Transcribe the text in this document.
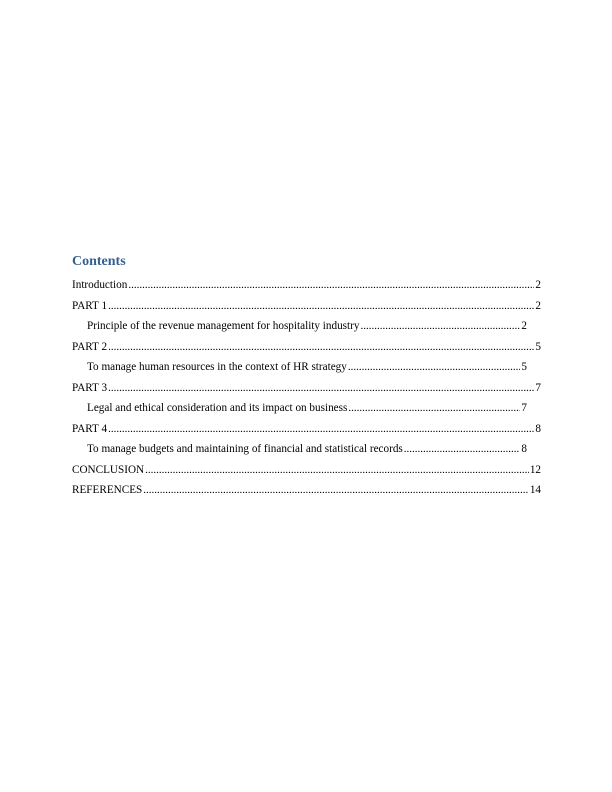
Contents
Introduction .....	2
PART 1 .....	2
Principle of the revenue management for hospitality industry .....	2
PART 2 .....	5
To manage human resources in the context of HR strategy .....	5
PART 3 .....	7
Legal and ethical consideration and its impact on business .....	7
PART 4 .....	8
To manage budgets and maintaining of financial and statistical records .....	8
CONCLUSION .....	12
REFERENCES .....	14
